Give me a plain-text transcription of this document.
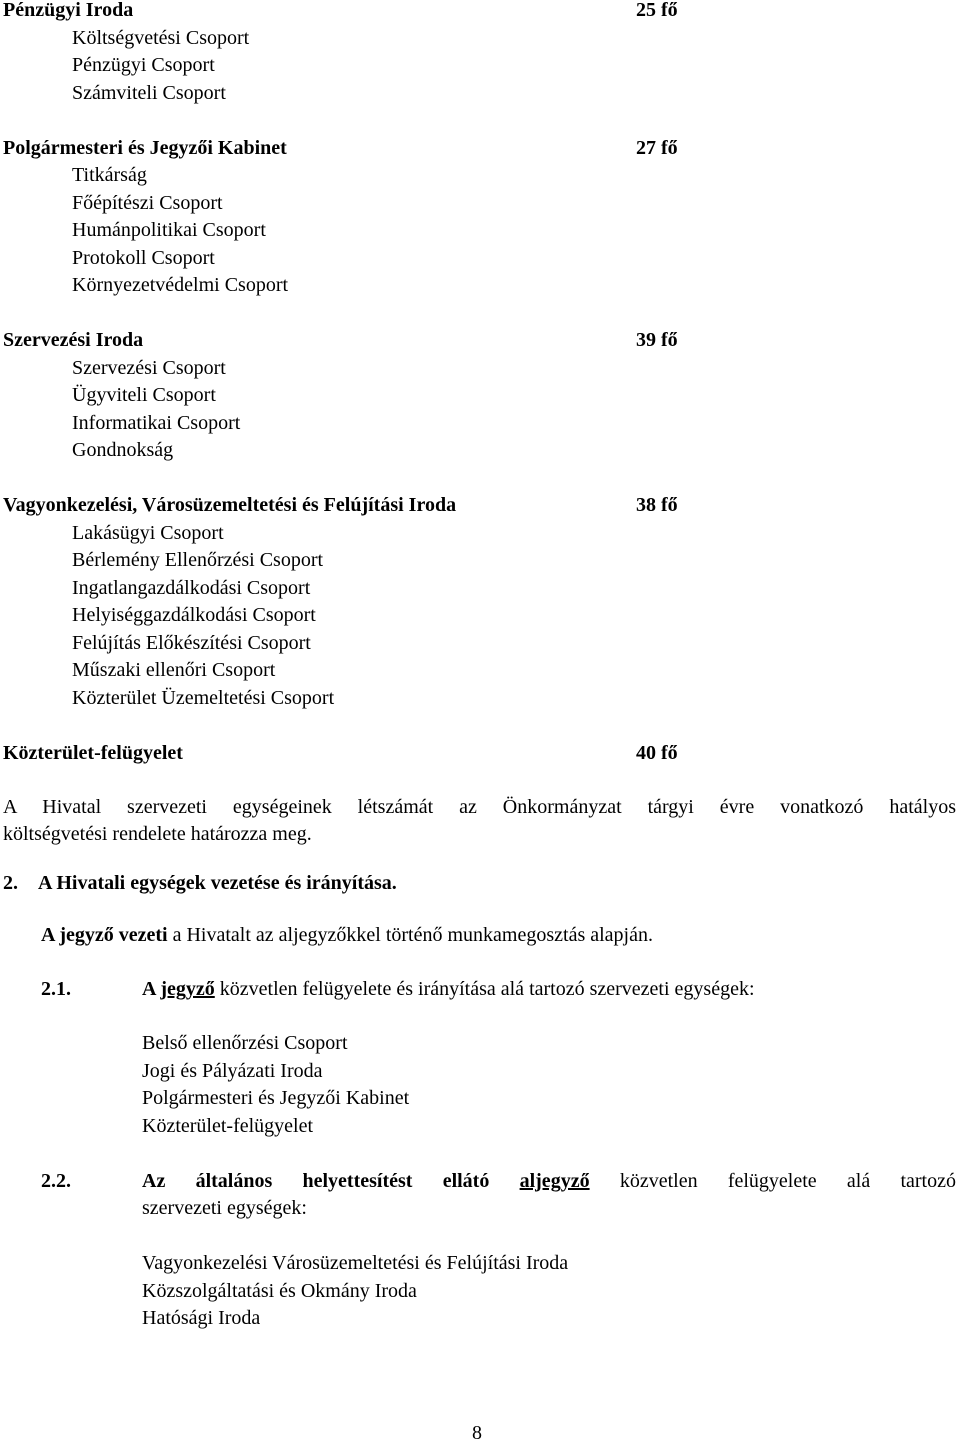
Pénzügyi Iroda	25 fő
Költségvetési Csoport
Pénzügyi Csoport
Számviteli Csoport
Polgármesteri és Jegyzői Kabinet	27 fő
Titkárság
Főépítészi Csoport
Humánpolitikai Csoport
Protokoll Csoport
Környezetvédelmi Csoport
Szervezési Iroda	39 fő
Szervezési Csoport
Ügyviteli Csoport
Informatikai Csoport
Gondnokság
Vagyonkezelési, Városüzemeltetési és Felújítási Iroda	38 fő
Lakásügyi Csoport
Bérlemény Ellenőrzési Csoport
Ingatlangazdálkodási Csoport
Helyiséggazdálkodási Csoport
Felújítás Előkészítési Csoport
Műszaki ellenőri Csoport
Közterület Üzemeltetési Csoport
Közterület-felügyelet	40 fő
A Hivatal szervezeti egységeinek létszámát az Önkormányzat tárgyi évre vonatkozó hatályos
költségvetési rendelete határozza meg.
2. A Hivatali egységek vezetése és irányítása.
A jegyző vezeti a Hivatalt az aljegyzőkkel történő munkamegosztás alapján.
2.1.	A jegyző közvetlen felügyelete és irányítása alá tartozó szervezeti egységek:
Belső ellenőrzési Csoport
Jogi és Pályázati Iroda
Polgármesteri és Jegyzői Kabinet
Közterület-felügyelet
2.2.	Az általános helyettesítést ellátó aljegyző közvetlen felügyelete alá tartozó
szervezeti egységek:
Vagyonkezelési Városüzemeltetési és Felújítási Iroda
Közszolgáltatási és Okmány Iroda
Hatósági Iroda
8
